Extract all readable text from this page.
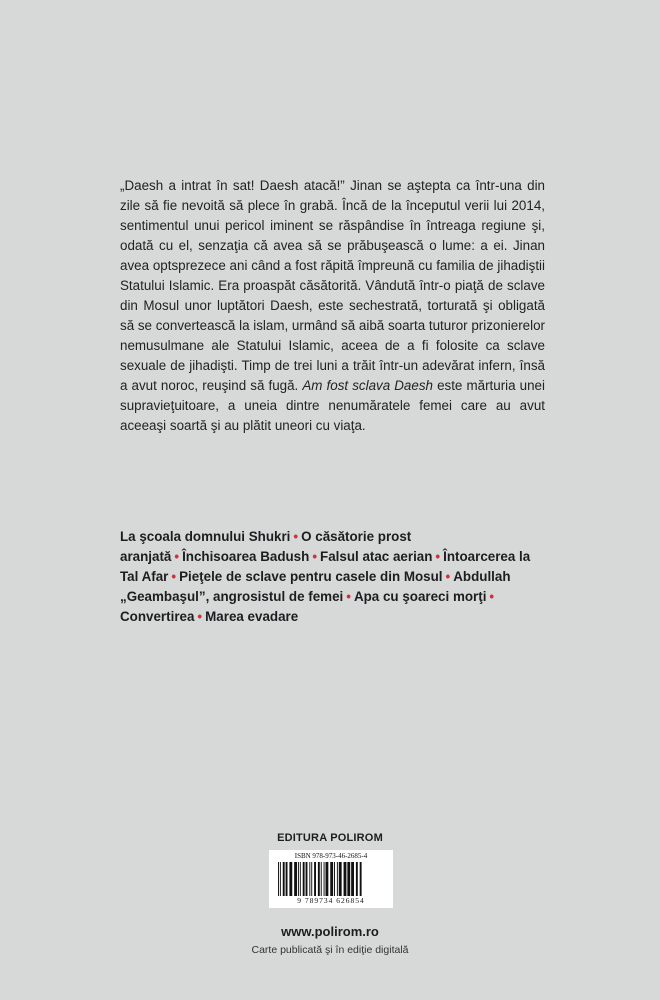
„Daesh a intrat în sat! Daesh atacă!” Jinan se aştepta ca într-una din zile să fie nevoită să plece în grabă. Încă de la începutul verii lui 2014, sentimentul unui pericol iminent se răspândise în întreaga regiune şi, odată cu el, senzaţia că avea să se prăbuşească o lume: a ei. Jinan avea optsprezece ani când a fost răpită împreună cu familia de jihadiştii Statului Islamic. Era proaspăt căsătorită. Vândută într-o piaţă de sclave din Mosul unor luptători Daesh, este sechestrată, torturată şi obligată să se convertească la islam, urmând să aibă soarta tuturor prizonierelor nemusulmane ale Statului Islamic, aceea de a fi folosite ca sclave sexuale de jihadişti. Timp de trei luni a trăit într-un adevărat infern, însă a avut noroc, reuşind să fugă. Am fost sclava Daesh este mărturia unei supravieţuitoare, a uneia dintre nenumăratele femei care au avut aceeaşi soartă şi au plătit uneori cu viaţa.

La şcoala domnului Shukri • O căsătorie prost aranjată • Închisoarea Badush • Falsul atac aerian • Întoarcerea la Tal Afar • Pieţele de sclave pentru casele din Mosul • Abdullah „Geambaşul”, angrosistul de femei • Apa cu şoareci morţi •
Convertirea • Marea evadare
EDITURA POLIROM
ISBN 978-973-46-2685-4
9 789734 626854
www.polirom.ro
Carte publicată şi în ediţie digitală
